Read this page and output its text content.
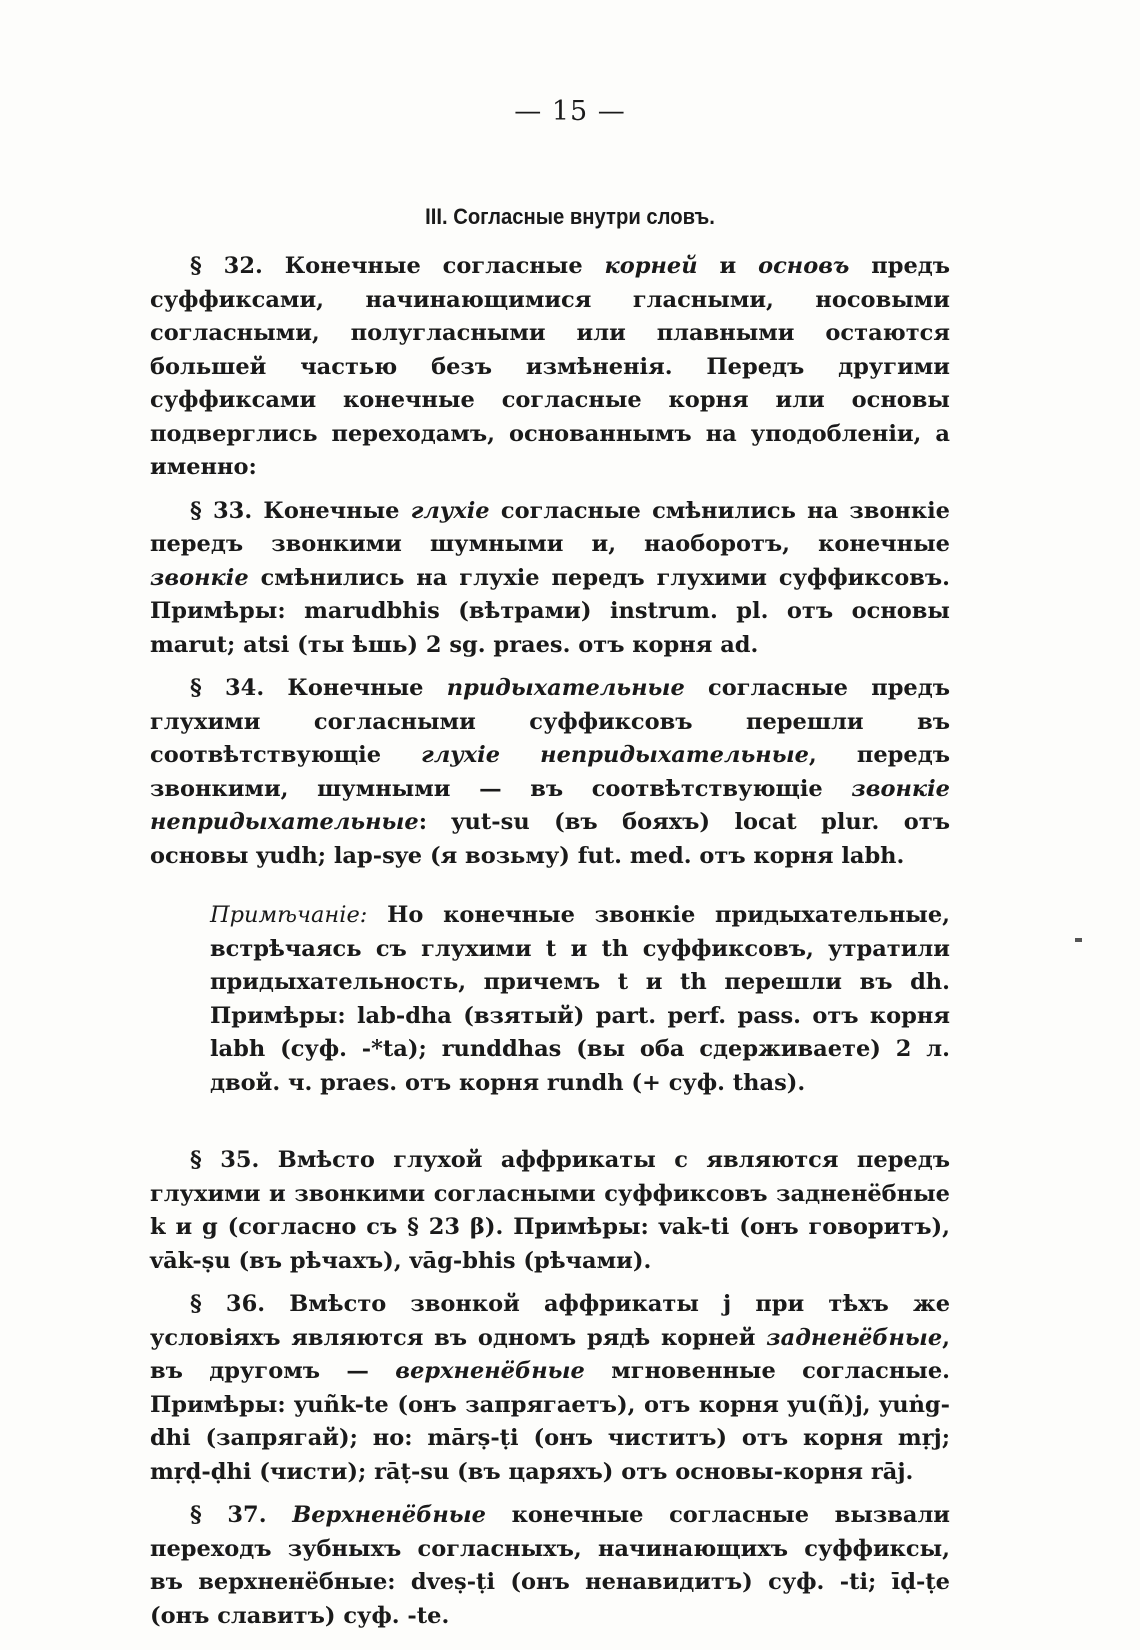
— 15 —
III. Согласные внутри словъ.

§ 32. Конечные согласные корней и основъ предъ суффиксами, начинающимися гласными, носовыми согласными, полугласными или плавными остаются большей частью безъ измѣненія. Передъ другими суффиксами конечные согласные корня или основы подверглись переходамъ, основаннымъ на уподобленіи, а именно:

§ 33. Конечные глухіе согласные смѣнились на звонкіе передъ звонкими шумными и, наоборотъ, конечные звонкіе смѣнились на глухіе передъ глухими суффиксовъ. Примѣры: marudbhis (вѣтрами) instrum. pl. отъ основы marut; atsi (ты ѣшь) 2 sg. praes. отъ корня ad.

§ 34. Конечные придыхательные согласные предъ глухими согласными суффиксовъ перешли въ соотвѣтствующіе глухіе непридыхательные, передъ звонкими, шумными — въ соотвѣтствующіе звонкіе непридыхательные: yut-su (въ бояхъ) locat plur. отъ основы yudh; lap-sye (я возьму) fut. med. отъ корня labh.

Примѣчаніе: Но конечные звонкіе придыхательные, встрѣчаясь съ глухими t и th суффиксовъ, утратили придыхательность, причемъ t и th перешли въ dh. Примѣры: lab-dha (взятый) part. perf. pass. отъ корня labh (суф. -*ta); runddhas (вы оба сдерживаете) 2 л. двой. ч. praes. отъ корня rundh (+ суф. thas).

§ 35. Вмѣсто глухой аффрикаты c являются передъ глухими и звонкими согласными суффиксовъ задненёбные k и g (согласно съ § 23 β). Примѣры: vak-ti (онъ говоритъ), vāk-ṣu (въ рѣчахъ), vāg-bhis (рѣчами).

§ 36. Вмѣсто звонкой аффрикаты j при тѣхъ же условіяхъ являются въ одномъ рядѣ корней задненёбные, въ другомъ — верхненёбные мгновенные согласные. Примѣры: yuñk-te (онъ запрягаетъ), отъ корня yu(ñ)j, yuṅg-dhi (запрягай); но: mārṣ-ṭi (онъ чиститъ) отъ корня mṛj; mṛḍ-ḍhi (чисти); rāṭ-su (въ царяхъ) отъ основы-корня rāj.

§ 37. Верхненёбные конечные согласные вызвали переходъ зубныхъ согласныхъ, начинающихъ суффиксы, въ верхненёбные: dveṣ-ṭi (онъ ненавидитъ) суф. -ti; īḍ-ṭe (онъ славитъ) суф. -te.
